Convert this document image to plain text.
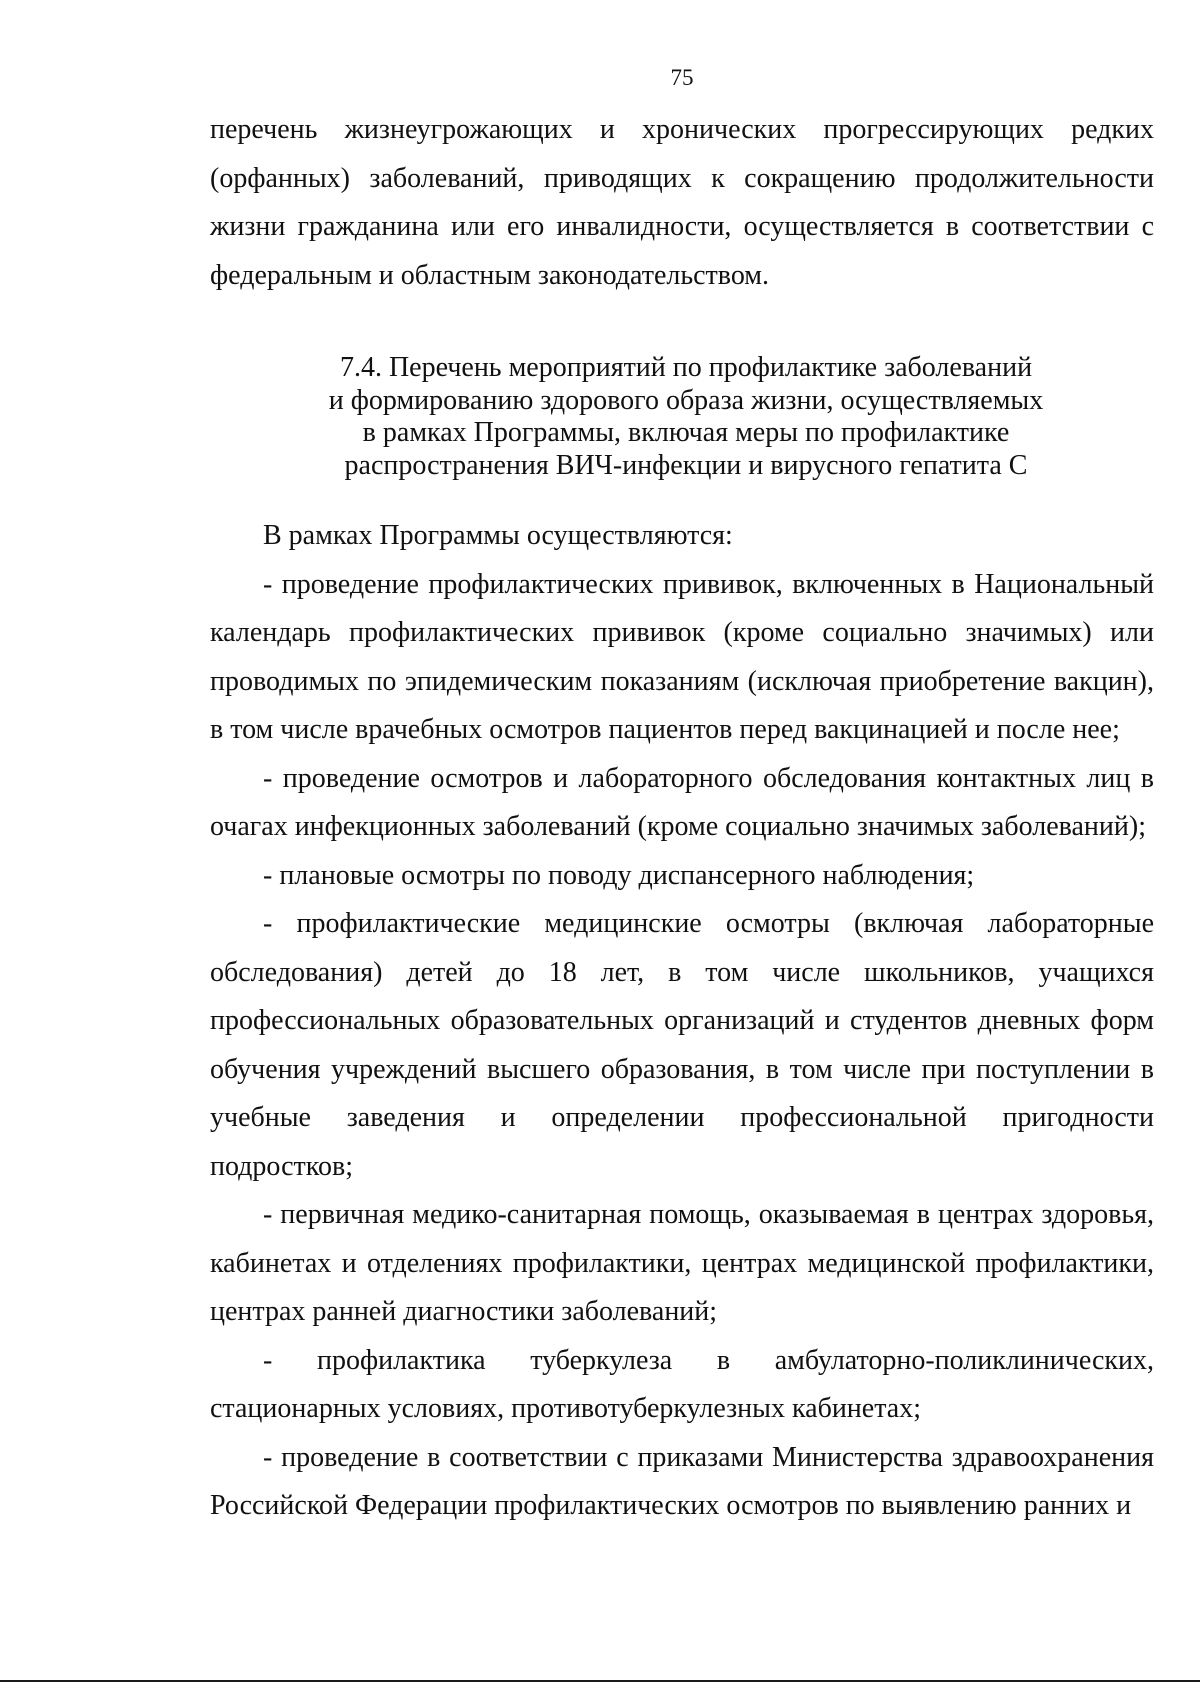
75

перечень жизнеугрожающих и хронических прогрессирующих редких (орфанных) заболеваний, приводящих к сокращению продолжительности жизни гражданина или его инвалидности, осуществляется в соответствии с федеральным и областным законодательством.

7.4. Перечень мероприятий по профилактике заболеваний
и формированию здорового образа жизни, осуществляемых
в рамках Программы, включая меры по профилактике
распространения ВИЧ-инфекции и вирусного гепатита С

В рамках Программы осуществляются:

- проведение профилактических прививок, включенных в Национальный календарь профилактических прививок (кроме социально значимых) или проводимых по эпидемическим показаниям (исключая приобретение вакцин), в том числе врачебных осмотров пациентов перед вакцинацией и после нее;

- проведение осмотров и лабораторного обследования контактных лиц в очагах инфекционных заболеваний (кроме социально значимых заболеваний);

- плановые осмотры по поводу диспансерного наблюдения;

- профилактические медицинские осмотры (включая лабораторные обследования) детей до 18 лет, в том числе школьников, учащихся профессиональных образовательных организаций и студентов дневных форм обучения учреждений высшего образования, в том числе при поступлении в учебные заведения и определении профессиональной пригодности подростков;

- первичная медико-санитарная помощь, оказываемая в центрах здоровья, кабинетах и отделениях профилактики, центрах медицинской профилактики, центрах ранней диагностики заболеваний;

- профилактика туберкулеза в амбулаторно-поликлинических, стационарных условиях, противотуберкулезных кабинетах;

- проведение в соответствии с приказами Министерства здравоохранения Российской Федерации профилактических осмотров по выявлению ранних и
